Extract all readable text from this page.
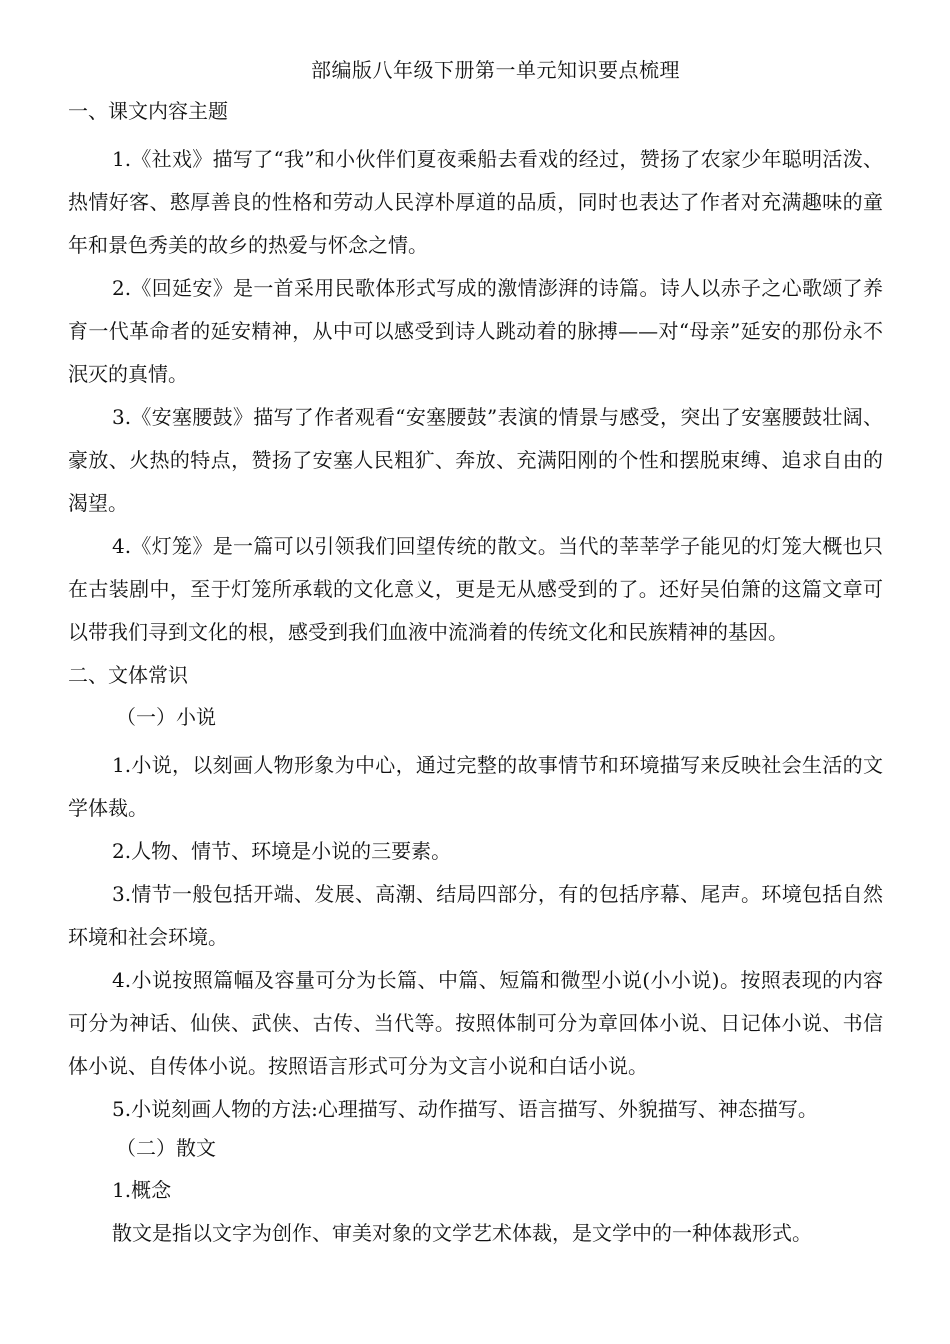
部编版八年级下册第一单元知识要点梳理
一、课文内容主题

1.《社戏》描写了“我”和小伙伴们夏夜乘船去看戏的经过，赞扬了农家少年聪明活泼、热情好客、憨厚善良的性格和劳动人民淳朴厚道的品质，同时也表达了作者对充满趣味的童年和景色秀美的故乡的热爱与怀念之情。

2.《回延安》是一首采用民歌体形式写成的激情澎湃的诗篇。诗人以赤子之心歌颂了养育一代革命者的延安精神，从中可以感受到诗人跳动着的脉搏——对“母亲”延安的那份永不泯灭的真情。

3.《安塞腰鼓》描写了作者观看“安塞腰鼓”表演的情景与感受，突出了安塞腰鼓壮阔、豪放、火热的特点，赞扬了安塞人民粗犷、奔放、充满阳刚的个性和摆脱束缚、追求自由的渴望。

4.《灯笼》是一篇可以引领我们回望传统的散文。当代的莘莘学子能见的灯笼大概也只在古装剧中，至于灯笼所承载的文化意义，更是无从感受到的了。还好吴伯箫的这篇文章可以带我们寻到文化的根，感受到我们血液中流淌着的传统文化和民族精神的基因。

二、文体常识
（一）小说

1.小说，以刻画人物形象为中心，通过完整的故事情节和环境描写来反映社会生活的文学体裁。

2.人物、情节、环境是小说的三要素。

3.情节一般包括开端、发展、高潮、结局四部分，有的包括序幕、尾声。环境包括自然环境和社会环境。

4.小说按照篇幅及容量可分为长篇、中篇、短篇和微型小说(小小说)。按照表现的内容可分为神话、仙侠、武侠、古传、当代等。按照体制可分为章回体小说、日记体小说、书信体小说、自传体小说。按照语言形式可分为文言小说和白话小说。

5.小说刻画人物的方法:心理描写、动作描写、语言描写、外貌描写、神态描写。

（二）散文
1.概念

散文是指以文字为创作、审美对象的文学艺术体裁，是文学中的一种体裁形式。
